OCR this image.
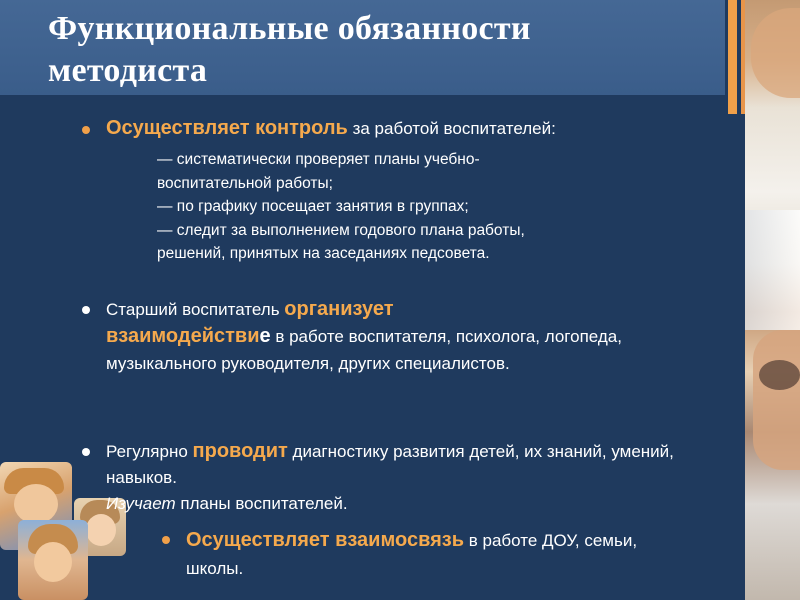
Функциональные обязанности
методиста
Осуществляет контроль за работой воспитателей:
— систематически проверяет планы учебно-
воспитательной работы;
— по графику посещает занятия в группах;
— следит за выполнением годового плана работы,
решений, принятых на заседаниях педсовета.
Старший воспитатель организует
взаимодействие в работе воспитателя, психолога, логопеда, музыкального руководителя, других специалистов.
Регулярно проводит диагностику развития детей, их знаний, умений, навыков.
Изучает планы воспитателей.
Осуществляет взаимосвязь в работе ДОУ, семьи, школы.
